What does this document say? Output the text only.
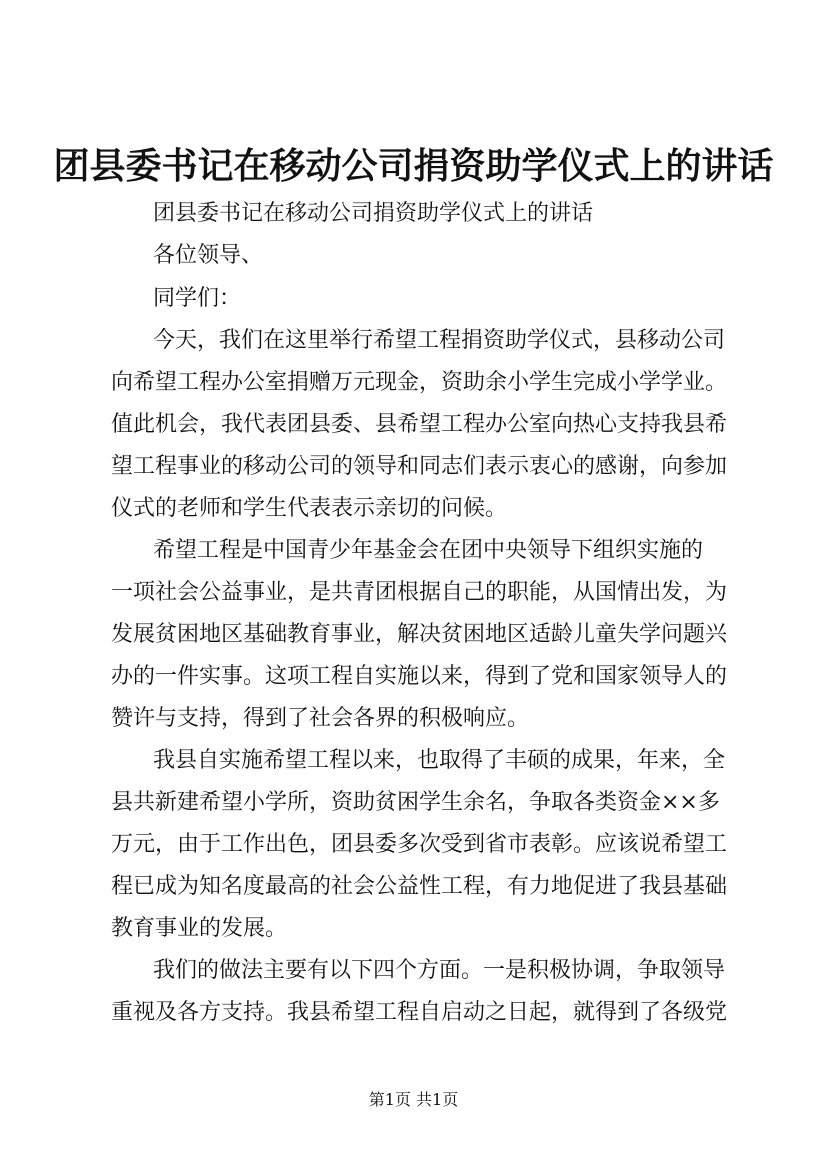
团县委书记在移动公司捐资助学仪式上的讲话
团县委书记在移动公司捐资助学仪式上的讲话
各位领导、
同学们：
今天，我们在这里举行希望工程捐资助学仪式，县移动公司
向希望工程办公室捐赠万元现金，资助余小学生完成小学学业。
值此机会，我代表团县委、县希望工程办公室向热心支持我县希
望工程事业的移动公司的领导和同志们表示衷心的感谢，向参加
仪式的老师和学生代表表示亲切的问候。
希望工程是中国青少年基金会在团中央领导下组织实施的
一项社会公益事业，是共青团根据自己的职能，从国情出发，为
发展贫困地区基础教育事业，解决贫困地区适龄儿童失学问题兴
办的一件实事。这项工程自实施以来，得到了党和国家领导人的
赞许与支持，得到了社会各界的积极响应。
我县自实施希望工程以来，也取得了丰硕的成果，年来，全
县共新建希望小学所，资助贫困学生余名，争取各类资金××多
万元，由于工作出色，团县委多次受到省市表彰。应该说希望工
程已成为知名度最高的社会公益性工程，有力地促进了我县基础
教育事业的发展。
我们的做法主要有以下四个方面。一是积极协调，争取领导
重视及各方支持。我县希望工程自启动之日起，就得到了各级党
第1页 共1页
